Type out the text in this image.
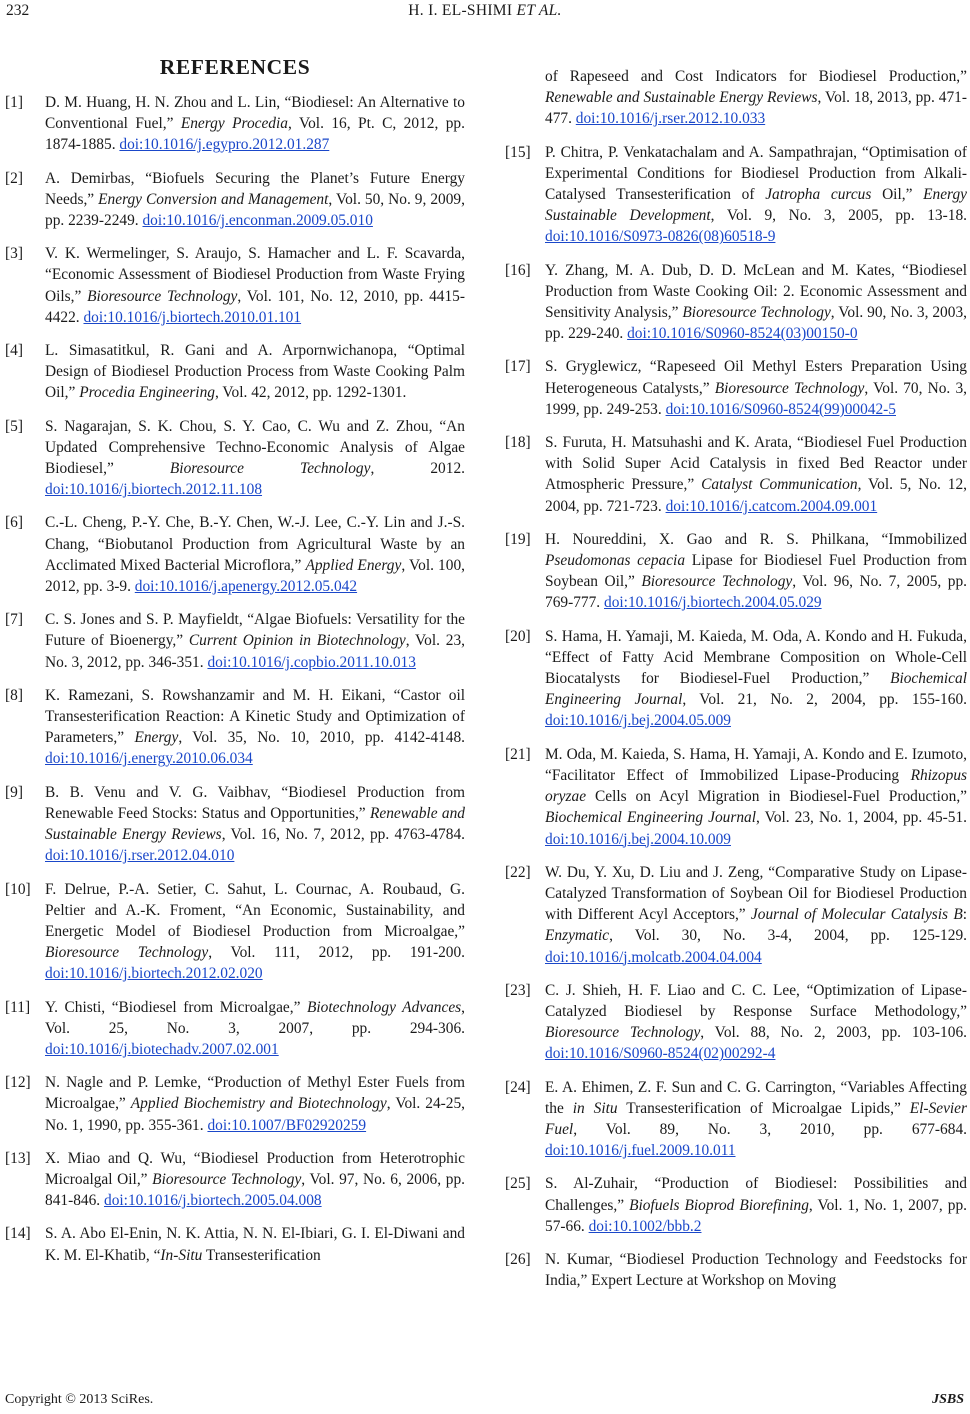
232	H. I. EL-SHIMI ET AL.
REFERENCES
[1] D. M. Huang, H. N. Zhou and L. Lin, “Biodiesel: An Alternative to Conventional Fuel,” Energy Procedia, Vol. 16, Pt. C, 2012, pp. 1874-1885. doi:10.1016/j.egypro.2012.01.287
[2] A. Demirbas, “Biofuels Securing the Planet’s Future Energy Needs,” Energy Conversion and Management, Vol. 50, No. 9, 2009, pp. 2239-2249. doi:10.1016/j.enconman.2009.05.010
[3] V. K. Wermelinger, S. Araujo, S. Hamacher and L. F. Scavarda, “Economic Assessment of Biodiesel Production from Waste Frying Oils,” Bioresource Technology, Vol. 101, No. 12, 2010, pp. 4415-4422. doi:10.1016/j.biortech.2010.01.101
[4] L. Simasatitkul, R. Gani and A. Arpornwichanopa, “Optimal Design of Biodiesel Production Process from Waste Cooking Palm Oil,” Procedia Engineering, Vol. 42, 2012, pp. 1292-1301.
[5] S. Nagarajan, S. K. Chou, S. Y. Cao, C. Wu and Z. Zhou, “An Updated Comprehensive Techno-Economic Analysis of Algae Biodiesel,” Bioresource Technology, 2012. doi:10.1016/j.biortech.2012.11.108
[6] C.-L. Cheng, P.-Y. Che, B.-Y. Chen, W.-J. Lee, C.-Y. Lin and J.-S. Chang, “Biobutanol Production from Agricultural Waste by an Acclimated Mixed Bacterial Microflora,” Applied Energy, Vol. 100, 2012, pp. 3-9. doi:10.1016/j.apenergy.2012.05.042
[7] C. S. Jones and S. P. Mayfieldt, “Algae Biofuels: Versatility for the Future of Bioenergy,” Current Opinion in Biotechnology, Vol. 23, No. 3, 2012, pp. 346-351. doi:10.1016/j.copbio.2011.10.013
[8] K. Ramezani, S. Rowshanzamir and M. H. Eikani, “Castor oil Transesterification Reaction: A Kinetic Study and Optimization of Parameters,” Energy, Vol. 35, No. 10, 2010, pp. 4142-4148. doi:10.1016/j.energy.2010.06.034
[9] B. B. Venu and V. G. Vaibhav, “Biodiesel Production from Renewable Feed Stocks: Status and Opportunities,” Renewable and Sustainable Energy Reviews, Vol. 16, No. 7, 2012, pp. 4763-4784. doi:10.1016/j.rser.2012.04.010
[10] F. Delrue, P.-A. Setier, C. Sahut, L. Cournac, A. Roubaud, G. Peltier and A.-K. Froment, “An Economic, Sustainability, and Energetic Model of Biodiesel Production from Microalgae,” Bioresource Technology, Vol. 111, 2012, pp. 191-200. doi:10.1016/j.biortech.2012.02.020
[11] Y. Chisti, “Biodiesel from Microalgae,” Biotechnology Advances, Vol. 25, No. 3, 2007, pp. 294-306. doi:10.1016/j.biotechadv.2007.02.001
[12] N. Nagle and P. Lemke, “Production of Methyl Ester Fuels from Microalgae,” Applied Biochemistry and Biotechnology, Vol. 24-25, No. 1, 1990, pp. 355-361. doi:10.1007/BF02920259
[13] X. Miao and Q. Wu, “Biodiesel Production from Heterotrophic Microalgal Oil,” Bioresource Technology, Vol. 97, No. 6, 2006, pp. 841-846. doi:10.1016/j.biortech.2005.04.008
[14] S. A. Abo El-Enin, N. K. Attia, N. N. El-Ibiari, G. I. El-Diwani and K. M. El-Khatib, “In-Situ Transesterification
of Rapeseed and Cost Indicators for Biodiesel Production,” Renewable and Sustainable Energy Reviews, Vol. 18, 2013, pp. 471-477. doi:10.1016/j.rser.2012.10.033
[15] P. Chitra, P. Venkatachalam and A. Sampathrajan, “Optimisation of Experimental Conditions for Biodiesel Production from Alkali-Catalysed Transesterification of Jatropha curcus Oil,” Energy Sustainable Development, Vol. 9, No. 3, 2005, pp. 13-18. doi:10.1016/S0973-0826(08)60518-9
[16] Y. Zhang, M. A. Dub, D. D. McLean and M. Kates, “Biodiesel Production from Waste Cooking Oil: 2. Economic Assessment and Sensitivity Analysis,” Bioresource Technology, Vol. 90, No. 3, 2003, pp. 229-240. doi:10.1016/S0960-8524(03)00150-0
[17] S. Gryglewicz, “Rapeseed Oil Methyl Esters Preparation Using Heterogeneous Catalysts,” Bioresource Technology, Vol. 70, No. 3, 1999, pp. 249-253. doi:10.1016/S0960-8524(99)00042-5
[18] S. Furuta, H. Matsuhashi and K. Arata, “Biodiesel Fuel Production with Solid Super Acid Catalysis in fixed Bed Reactor under Atmospheric Pressure,” Catalyst Communication, Vol. 5, No. 12, 2004, pp. 721-723. doi:10.1016/j.catcom.2004.09.001
[19] H. Noureddini, X. Gao and R. S. Philkana, “Immobilized Pseudomonas cepacia Lipase for Biodiesel Fuel Production from Soybean Oil,” Bioresource Technology, Vol. 96, No. 7, 2005, pp. 769-777. doi:10.1016/j.biortech.2004.05.029
[20] S. Hama, H. Yamaji, M. Kaieda, M. Oda, A. Kondo and H. Fukuda, “Effect of Fatty Acid Membrane Composition on Whole-Cell Biocatalysts for Biodiesel-Fuel Production,” Biochemical Engineering Journal, Vol. 21, No. 2, 2004, pp. 155-160. doi:10.1016/j.bej.2004.05.009
[21] M. Oda, M. Kaieda, S. Hama, H. Yamaji, A. Kondo and E. Izumoto, “Facilitator Effect of Immobilized Lipase-Producing Rhizopus oryzae Cells on Acyl Migration in Biodiesel-Fuel Production,” Biochemical Engineering Journal, Vol. 23, No. 1, 2004, pp. 45-51. doi:10.1016/j.bej.2004.10.009
[22] W. Du, Y. Xu, D. Liu and J. Zeng, “Comparative Study on Lipase-Catalyzed Transformation of Soybean Oil for Biodiesel Production with Different Acyl Acceptors,” Journal of Molecular Catalysis B: Enzymatic, Vol. 30, No. 3-4, 2004, pp. 125-129. doi:10.1016/j.molcatb.2004.04.004
[23] C. J. Shieh, H. F. Liao and C. C. Lee, “Optimization of Lipase-Catalyzed Biodiesel by Response Surface Methodology,” Bioresource Technology, Vol. 88, No. 2, 2003, pp. 103-106. doi:10.1016/S0960-8524(02)00292-4
[24] E. A. Ehimen, Z. F. Sun and C. G. Carrington, “Variables Affecting the in Situ Transesterification of Microalgae Lipids,” El-Sevier Fuel, Vol. 89, No. 3, 2010, pp. 677-684. doi:10.1016/j.fuel.2009.10.011
[25] S. Al-Zuhair, “Production of Biodiesel: Possibilities and Challenges,” Biofuels Bioprod Biorefining, Vol. 1, No. 1, 2007, pp. 57-66. doi:10.1002/bbb.2
[26] N. Kumar, “Biodiesel Production Technology and Feedstocks for India,” Expert Lecture at Workshop on Moving
Copyright © 2013 SciRes.	JSBS
